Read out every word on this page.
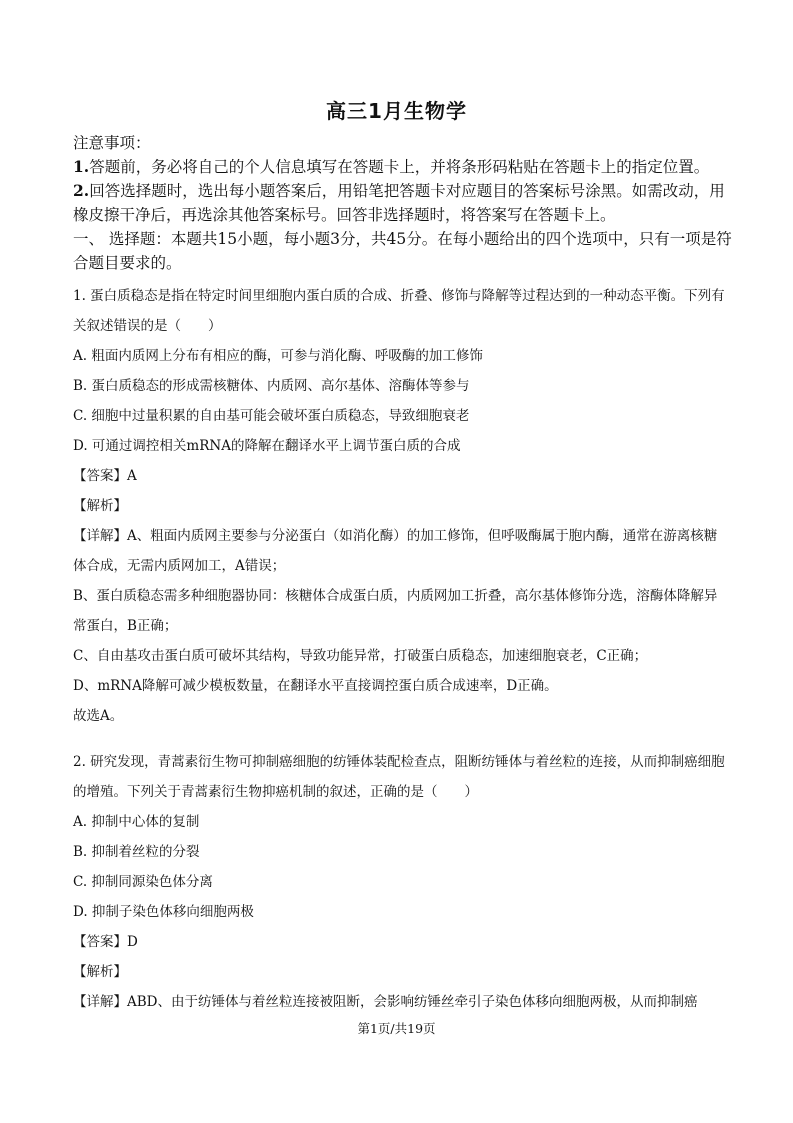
高三1月生物学

注意事项：

1.答题前，务必将自己的个人信息填写在答题卡上，并将条形码粘贴在答题卡上的指定位置。

2.回答选择题时，选出每小题答案后，用铅笔把答题卡对应题目的答案标号涂黑。如需改动，用橡皮擦干净后，再选涂其他答案标号。回答非选择题时，将答案写在答题卡上。

一、 选择题：本题共15小题，每小题3分，共45分。在每小题给出的四个选项中，只有一项是符合题目要求的。

1. 蛋白质稳态是指在特定时间里细胞内蛋白质的合成、折叠、修饰与降解等过程达到的一种动态平衡。下列有关叙述错误的是（　　）

A. 粗面内质网上分布有相应的酶，可参与消化酶、呼吸酶的加工修饰

B. 蛋白质稳态的形成需核糖体、内质网、高尔基体、溶酶体等参与

C. 细胞中过量积累的自由基可能会破坏蛋白质稳态，导致细胞衰老

D. 可通过调控相关mRNA的降解在翻译水平上调节蛋白质的合成

【答案】A

【解析】

【详解】A、粗面内质网主要参与分泌蛋白（如消化酶）的加工修饰，但呼吸酶属于胞内酶，通常在游离核糖体合成，无需内质网加工，A错误；

B、蛋白质稳态需多种细胞器协同：核糖体合成蛋白质，内质网加工折叠，高尔基体修饰分选，溶酶体降解异常蛋白，B正确；

C、自由基攻击蛋白质可破坏其结构，导致功能异常，打破蛋白质稳态，加速细胞衰老，C正确；

D、mRNA降解可减少模板数量，在翻译水平直接调控蛋白质合成速率，D正确。

故选A。

2. 研究发现，青蒿素衍生物可抑制癌细胞的纺锤体装配检查点，阻断纺锤体与着丝粒的连接，从而抑制癌细胞的增殖。下列关于青蒿素衍生物抑癌机制的叙述，正确的是（　　）

A. 抑制中心体的复制

B. 抑制着丝粒的分裂

C. 抑制同源染色体分离

D. 抑制子染色体移向细胞两极

【答案】D

【解析】

【详解】ABD、由于纺锤体与着丝粒连接被阻断，会影响纺锤丝牵引子染色体移向细胞两极，从而抑制癌

第1页/共19页
